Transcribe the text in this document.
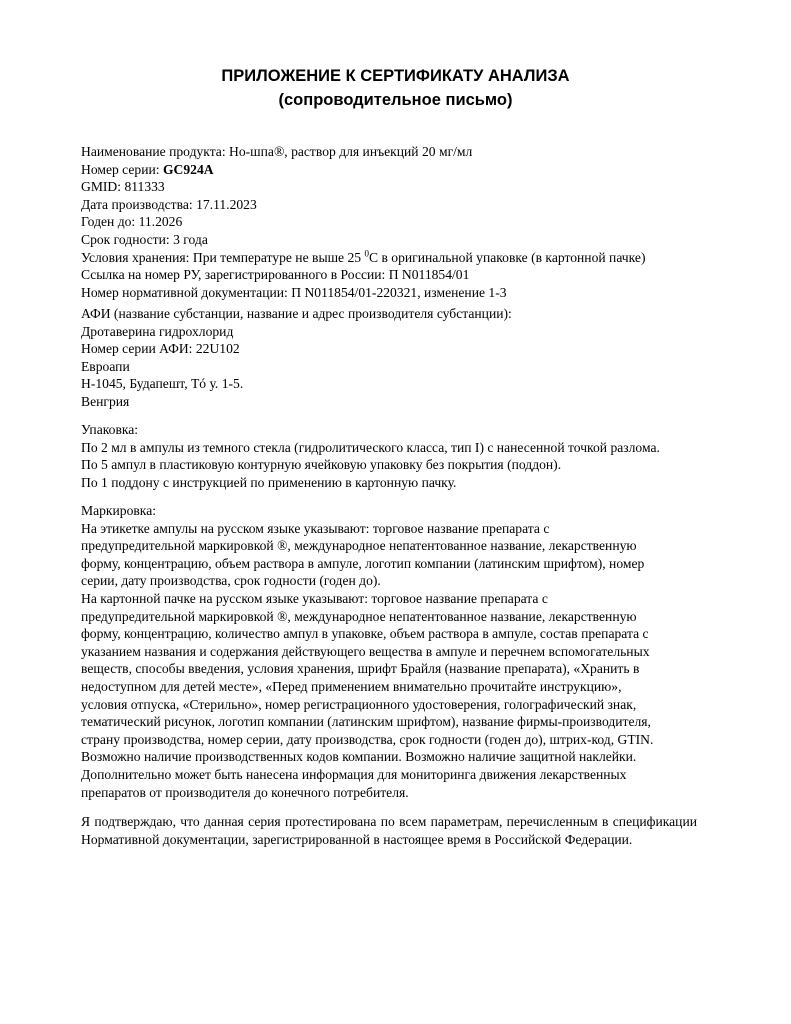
ПРИЛОЖЕНИЕ К СЕРТИФИКАТУ АНАЛИЗА
(сопроводительное письмо)
Наименование продукта: Но-шпа®, раствор для инъекций 20 мг/мл
Номер серии: GC924A
GMID: 811333
Дата производства: 17.11.2023
Годен до: 11.2026
Срок годности: 3 года
Условия хранения: При температуре не выше 25 $^0$С в оригинальной упаковке (в картонной пачке)
Ссылка на номер РУ, зарегистрированного в России: П N011854/01
Номер нормативной документации: П N011854/01-220321, изменение 1-3
АФИ (название субстанции, название и адрес производителя субстанции):
Дротаверина гидрохлорид
Номер серии АФИ: 22U102
Евроапи
H-1045, Будапешт, Tó у. 1-5.
Венгрия
Упаковка:
По 2 мл в ампулы из темного стекла (гидролитического класса, тип I) с нанесенной точкой разлома.
По 5 ампул в пластиковую контурную ячейковую упаковку без покрытия (поддон).
По 1 поддону с инструкцией по применению в картонную пачку.
Маркировка:
На этикетке ампулы на русском языке указывают: торговое название препарата с
предупредительной маркировкой ®, международное непатентованное название, лекарственную
форму, концентрацию, объем раствора в ампуле, логотип компании (латинским шрифтом), номер
серии, дату производства, срок годности (годен до).
На картонной пачке на русском языке указывают: торговое название препарата с
предупредительной маркировкой ®, международное непатентованное название, лекарственную
форму, концентрацию, количество ампул в упаковке, объем раствора в ампуле, состав препарата с
указанием названия и содержания действующего вещества в ампуле и перечнем вспомогательных
веществ, способы введения, условия хранения, шрифт Брайля (название препарата), «Хранить в
недоступном для детей месте», «Перед применением внимательно прочитайте инструкцию»,
условия отпуска, «Стерильно», номер регистрационного удостоверения, голографический знак,
тематический рисунок, логотип компании (латинским шрифтом), название фирмы-производителя,
страну производства, номер серии, дату производства, срок годности (годен до), штрих-код, GTIN.
Возможно наличие производственных кодов компании. Возможно наличие защитной наклейки.
Дополнительно может быть нанесена информация для мониторинга движения лекарственных
препаратов от производителя до конечного потребителя.
Я подтверждаю, что данная серия протестирована по всем параметрам, перечисленным в спецификации Нормативной документации, зарегистрированной в настоящее время в Российской Федерации.
